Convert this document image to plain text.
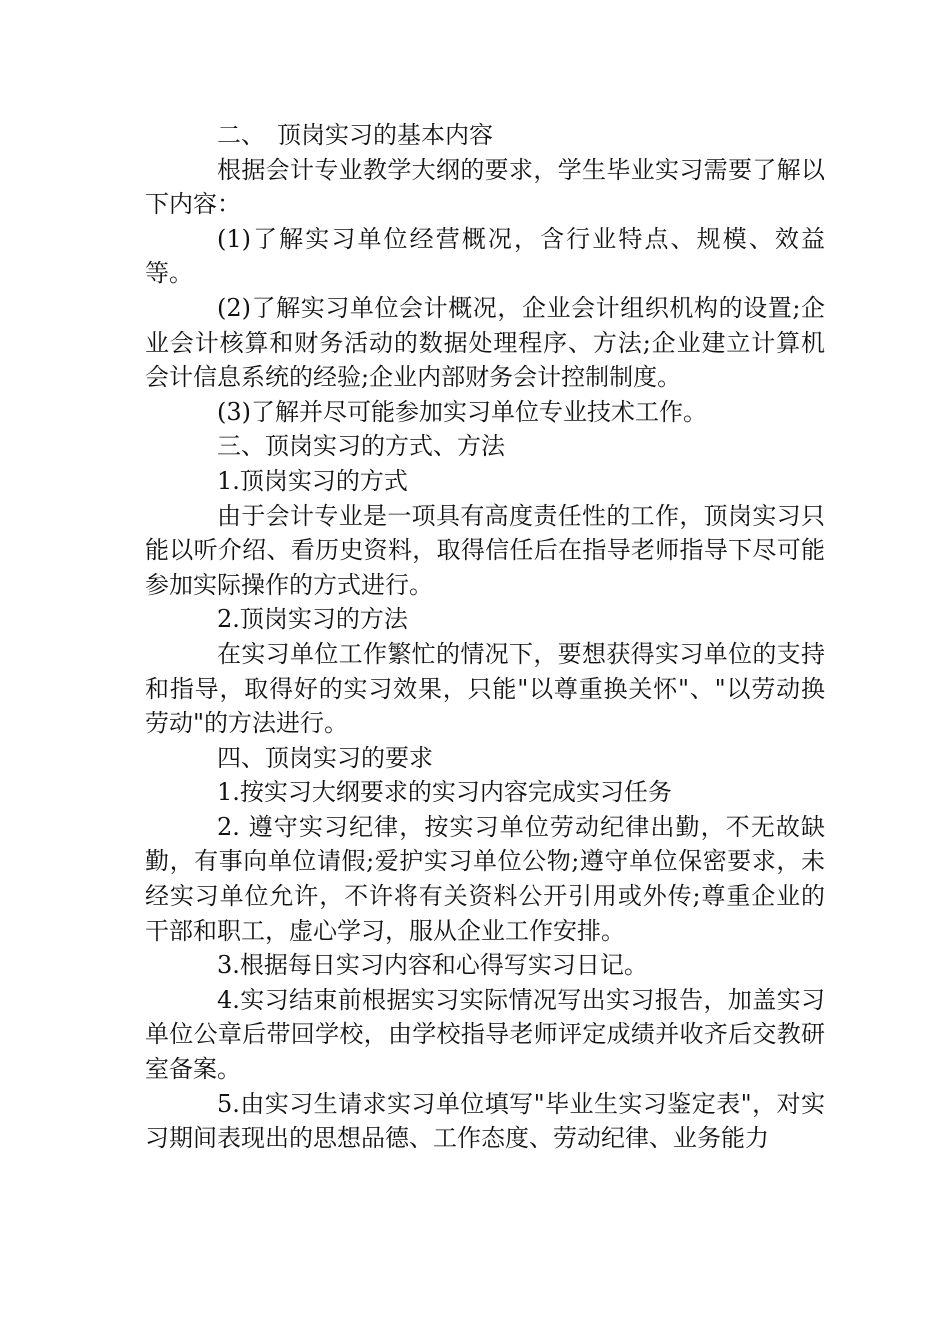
二、　顶岗实习的基本内容

根据会计专业教学大纲的要求，学生毕业实习需要了解以下内容：

(1)了解实习单位经营概况，含行业特点、规模、效益等。

(2)了解实习单位会计概况，企业会计组织机构的设置;企业会计核算和财务活动的数据处理程序、方法;企业建立计算机会计信息系统的经验;企业内部财务会计控制制度。

(3)了解并尽可能参加实习单位专业技术工作。

三、顶岗实习的方式、方法

1.顶岗实习的方式

由于会计专业是一项具有高度责任性的工作，顶岗实习只能以听介绍、看历史资料，取得信任后在指导老师指导下尽可能参加实际操作的方式进行。

2.顶岗实习的方法

在实习单位工作繁忙的情况下，要想获得实习单位的支持和指导，取得好的实习效果，只能"以尊重换关怀"、"以劳动换劳动"的方法进行。

四、顶岗实习的要求

1.按实习大纲要求的实习内容完成实习任务

2. 遵守实习纪律，按实习单位劳动纪律出勤，不无故缺勤，有事向单位请假;爱护实习单位公物;遵守单位保密要求，未经实习单位允许，不许将有关资料公开引用或外传;尊重企业的干部和职工，虚心学习，服从企业工作安排。

3.根据每日实习内容和心得写实习日记。

4.实习结束前根据实习实际情况写出实习报告，加盖实习单位公章后带回学校，由学校指导老师评定成绩并收齐后交教研室备案。

5.由实习生请求实习单位填写"毕业生实习鉴定表"，对实习期间表现出的思想品德、工作态度、劳动纪律、业务能力
